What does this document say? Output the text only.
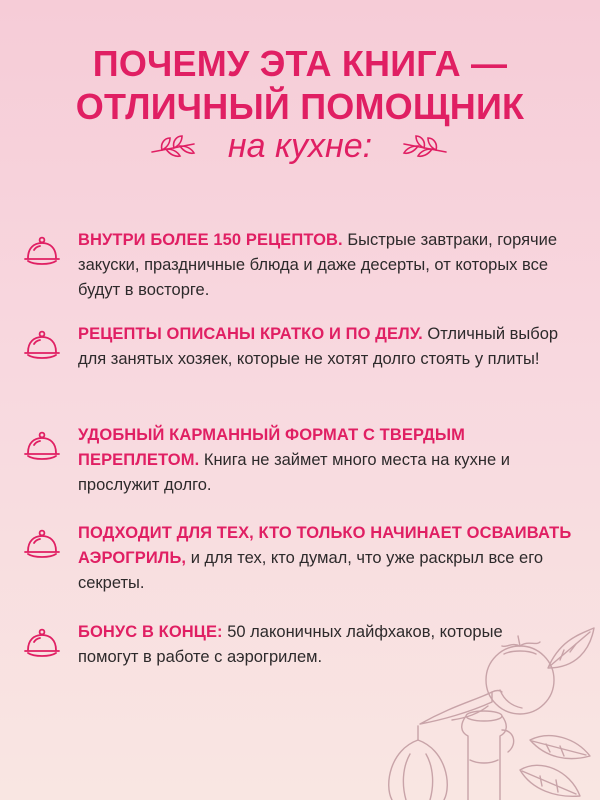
ПОЧЕМУ ЭТА КНИГА —
ОТЛИЧНЫЙ ПОМОЩНИК
на кухне:
ВНУТРИ БОЛЕЕ 150 РЕЦЕПТОВ. Быстрые завтраки, горячие закуски, праздничные блюда и даже десерты, от которых все будут в восторге.
РЕЦЕПТЫ ОПИСАНЫ КРАТКО И ПО ДЕЛУ. Отличный выбор для занятых хозяек, которые не хотят долго стоять у плиты!
УДОБНЫЙ КАРМАННЫЙ ФОРМАТ С ТВЕРДЫМ ПЕРЕПЛЕТОМ. Книга не займет много места на кухне и прослужит долго.
ПОДХОДИТ ДЛЯ ТЕХ, КТО ТОЛЬКО НАЧИНАЕТ ОСВАИВАТЬ АЭРОГРИЛЬ, и для тех, кто думал, что уже раскрыл все его секреты.
БОНУС В КОНЦЕ: 50 лаконичных лайфхаков, которые помогут в работе с аэрогрилем.
